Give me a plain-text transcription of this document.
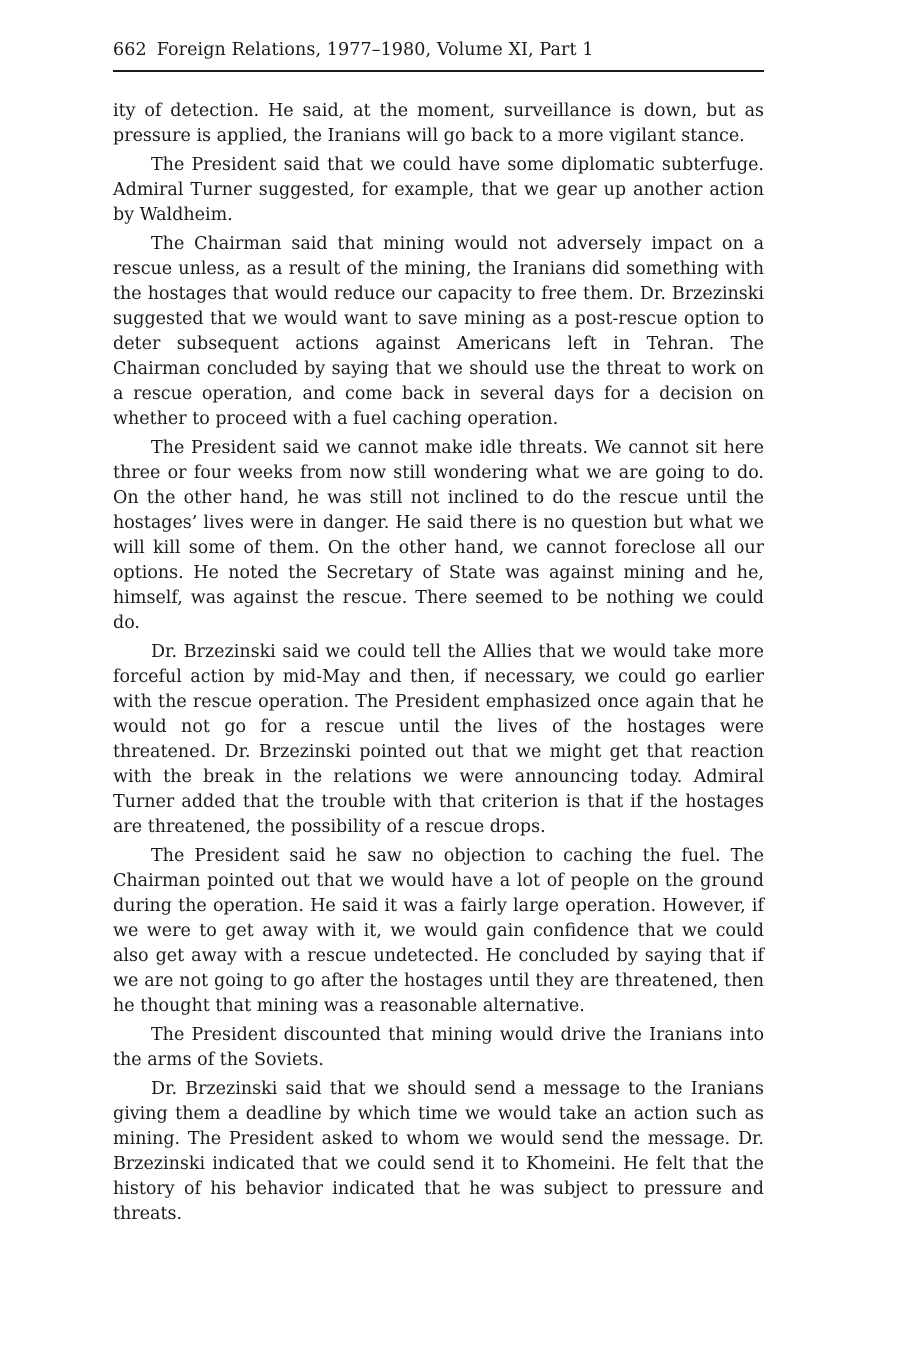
662 Foreign Relations, 1977–1980, Volume XI, Part 1

ity of detection. He said, at the moment, surveillance is down, but as pressure is applied, the Iranians will go back to a more vigilant stance.

The President said that we could have some diplomatic subterfuge. Admiral Turner suggested, for example, that we gear up another action by Waldheim.

The Chairman said that mining would not adversely impact on a rescue unless, as a result of the mining, the Iranians did something with the hostages that would reduce our capacity to free them. Dr. Brzezinski suggested that we would want to save mining as a post-rescue option to deter subsequent actions against Americans left in Tehran. The Chairman concluded by saying that we should use the threat to work on a rescue operation, and come back in several days for a decision on whether to proceed with a fuel caching operation.

The President said we cannot make idle threats. We cannot sit here three or four weeks from now still wondering what we are going to do. On the other hand, he was still not inclined to do the rescue until the hostages’ lives were in danger. He said there is no question but what we will kill some of them. On the other hand, we cannot foreclose all our options. He noted the Secretary of State was against mining and he, himself, was against the rescue. There seemed to be nothing we could do.

Dr. Brzezinski said we could tell the Allies that we would take more forceful action by mid-May and then, if necessary, we could go earlier with the rescue operation. The President emphasized once again that he would not go for a rescue until the lives of the hostages were threatened. Dr. Brzezinski pointed out that we might get that reaction with the break in the relations we were announcing today. Admiral Turner added that the trouble with that criterion is that if the hostages are threatened, the possibility of a rescue drops.

The President said he saw no objection to caching the fuel. The Chairman pointed out that we would have a lot of people on the ground during the operation. He said it was a fairly large operation. However, if we were to get away with it, we would gain confidence that we could also get away with a rescue undetected. He concluded by saying that if we are not going to go after the hostages until they are threatened, then he thought that mining was a reasonable alternative.

The President discounted that mining would drive the Iranians into the arms of the Soviets.

Dr. Brzezinski said that we should send a message to the Iranians giving them a deadline by which time we would take an action such as mining. The President asked to whom we would send the message. Dr. Brzezinski indicated that we could send it to Khomeini. He felt that the history of his behavior indicated that he was subject to pressure and threats.
